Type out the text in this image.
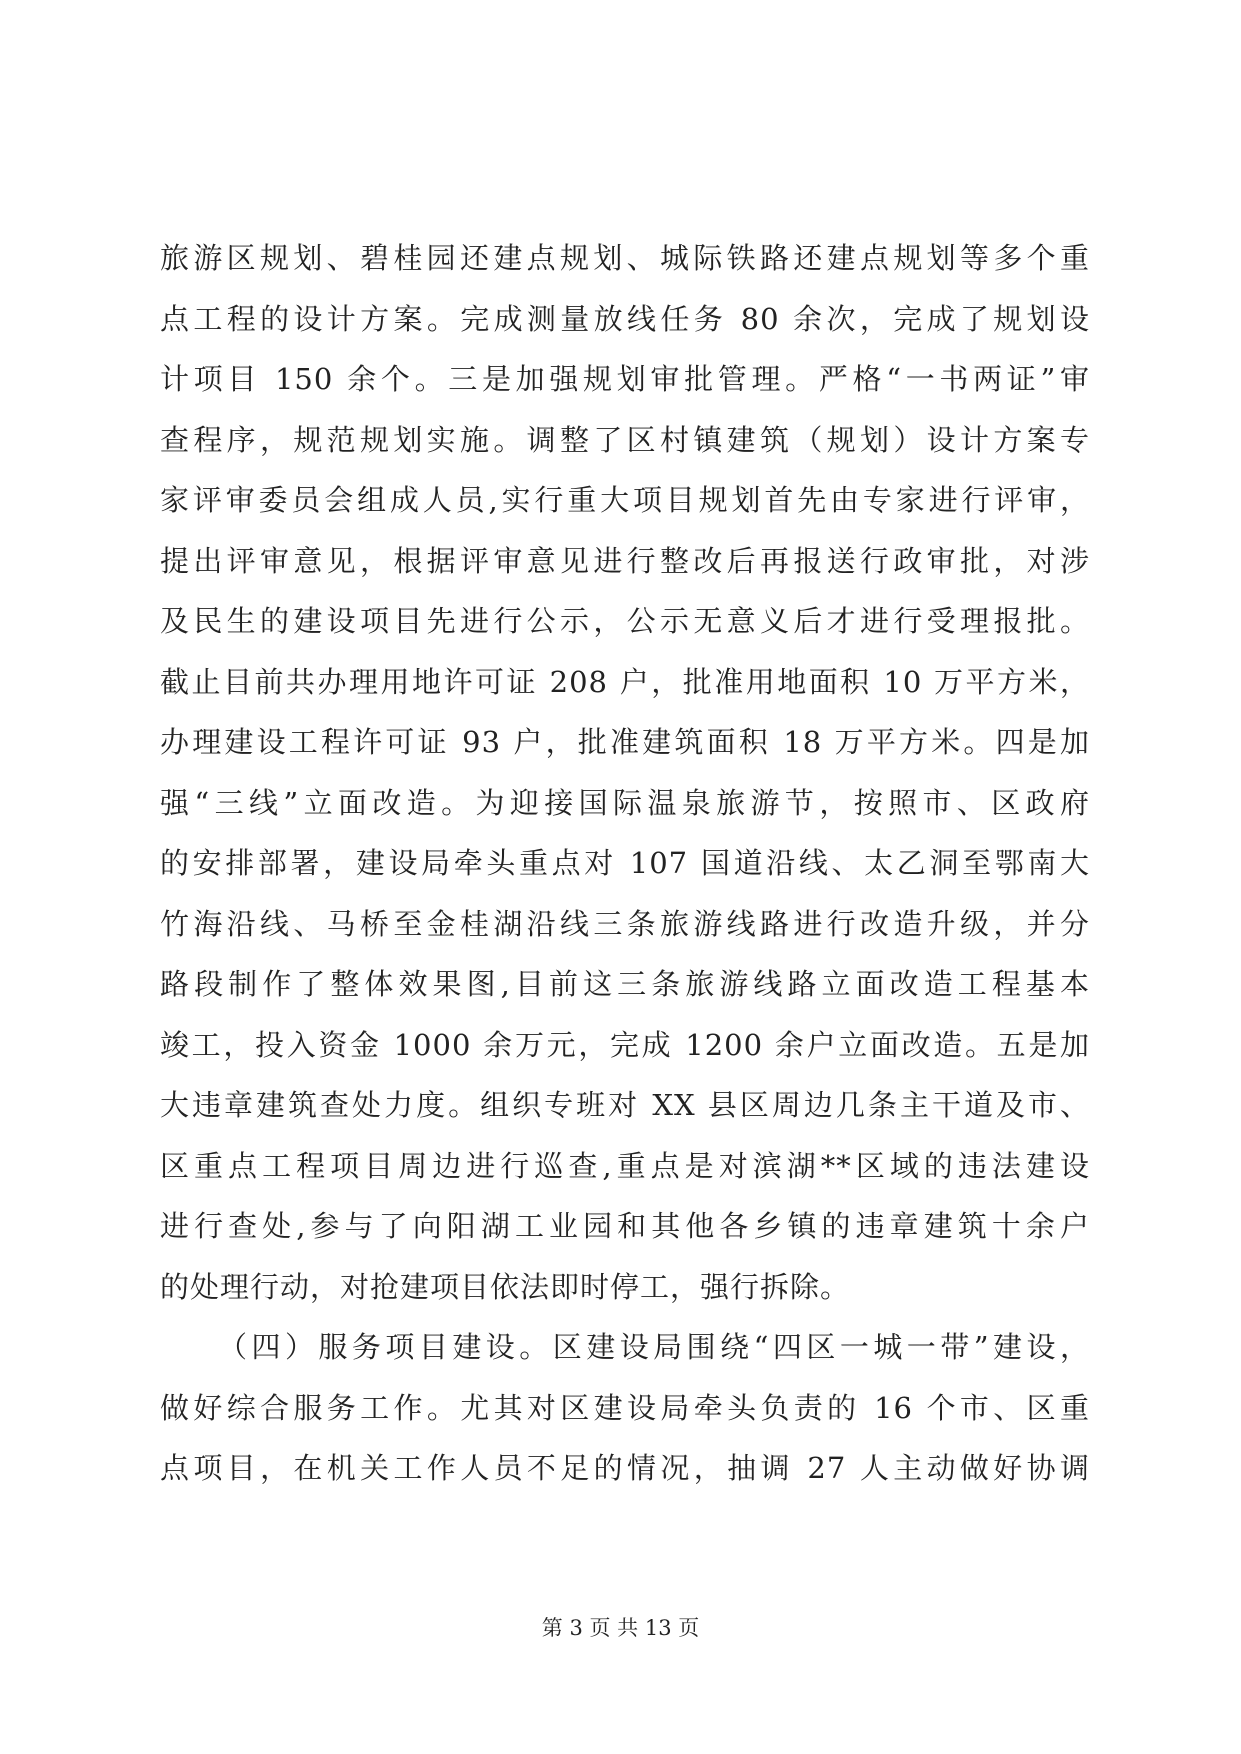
旅游区规划、碧桂园还建点规划、城际铁路还建点规划等多个重
点工程的设计方案。完成测量放线任务 80 余次，完成了规划设
计项目 150 余个。三是加强规划审批管理。严格“一书两证”审
查程序，规范规划实施。调整了区村镇建筑（规划）设计方案专
家评审委员会组成人员,实行重大项目规划首先由专家进行评审，
提出评审意见，根据评审意见进行整改后再报送行政审批，对涉
及民生的建设项目先进行公示，公示无意义后才进行受理报批。
截止目前共办理用地许可证 208 户，批准用地面积 10 万平方米，
办理建设工程许可证 93 户，批准建筑面积 18 万平方米。四是加
强“三线”立面改造。为迎接国际温泉旅游节，按照市、区政府
的安排部署，建设局牵头重点对 107 国道沿线、太乙洞至鄂南大
竹海沿线、马桥至金桂湖沿线三条旅游线路进行改造升级，并分
路段制作了整体效果图,目前这三条旅游线路立面改造工程基本
竣工，投入资金 1000 余万元，完成 1200 余户立面改造。五是加
大违章建筑查处力度。组织专班对 XX 县区周边几条主干道及市、
区重点工程项目周边进行巡查,重点是对滨湖**区域的违法建设
进行查处,参与了向阳湖工业园和其他各乡镇的违章建筑十余户
的处理行动，对抢建项目依法即时停工，强行拆除。
（四）服务项目建设。区建设局围绕“四区一城一带”建设，
做好综合服务工作。尤其对区建设局牵头负责的 16 个市、区重
点项目，在机关工作人员不足的情况，抽调 27 人主动做好协调
第 3 页 共 13 页
